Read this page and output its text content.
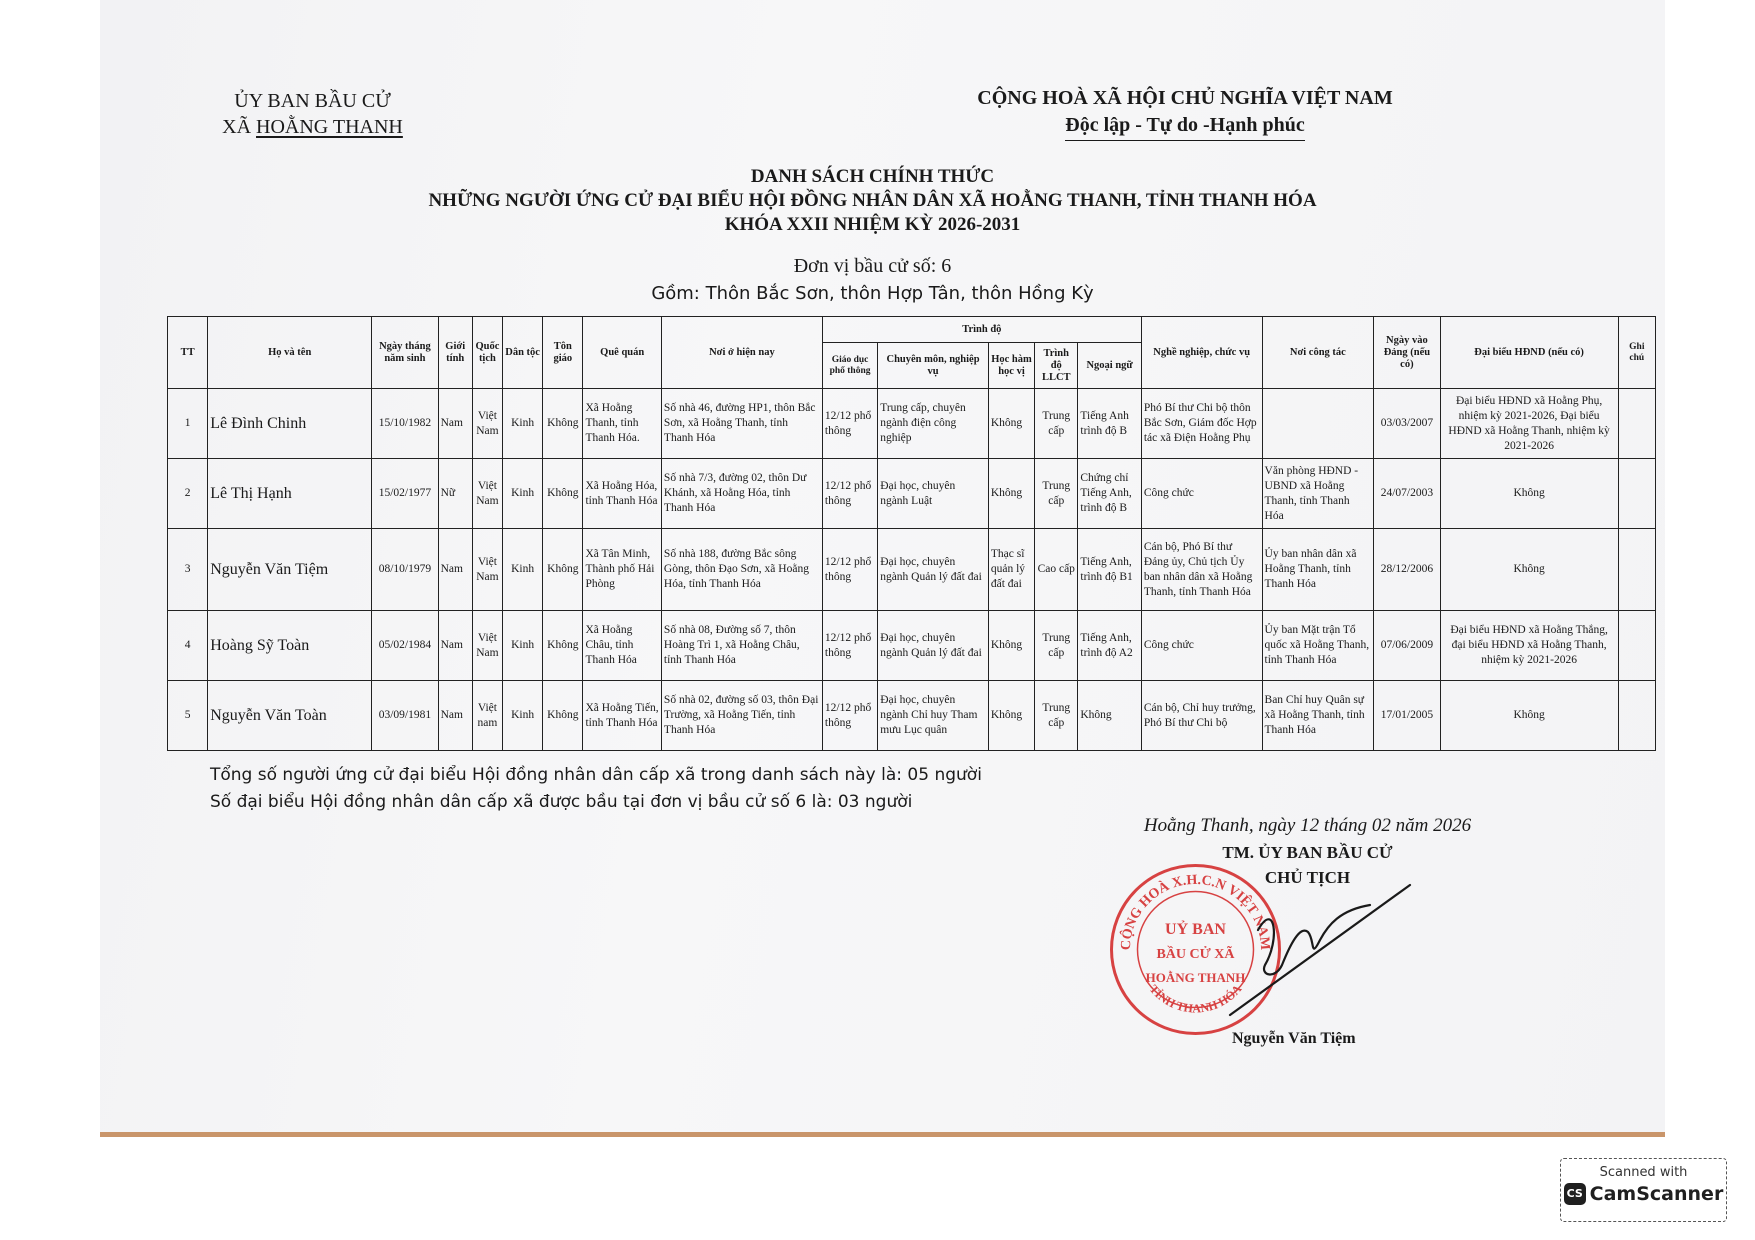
ỦY BAN BẦU CỬ
XÃ HOẰNG THANH
CỘNG HOÀ XÃ HỘI CHỦ NGHĨA VIỆT NAM
Độc lập - Tự do -Hạnh phúc
DANH SÁCH CHÍNH THỨC
NHỮNG NGƯỜI ỨNG CỬ ĐẠI BIỂU HỘI ĐỒNG NHÂN DÂN XÃ HOẰNG THANH, TỈNH THANH HÓA
KHÓA XXII NHIỆM KỲ 2026-2031
Đơn vị bầu cử số: 6
Gồm: Thôn Bắc Sơn, thôn Hợp Tân, thôn Hồng Kỳ
TT	Họ và tên	Ngày tháng năm sinh	Giới tính	Quốc tịch	Dân tộc	Tôn giáo	Quê quán	Nơi ở hiện nay	Trình độ					Nghề nghiệp, chức vụ	Nơi công tác	Ngày vào Đảng (nếu có)	Đại biểu HĐND (nếu có)	Ghi chú
									Giáo dục phổ thông	Chuyên môn, nghiệp vụ	Học hàm học vị	Trình độ LLCT	Ngoại ngữ					
1	Lê Đình Chinh	15/10/1982	Nam	Việt Nam	Kinh	Không	Xã Hoằng Thanh, tỉnh Thanh Hóa.	Số nhà 46, đường HP1, thôn Bắc Sơn, xã Hoằng Thanh, tỉnh Thanh Hóa	12/12 phổ thông	Trung cấp, chuyên ngành điện công nghiệp	Không	Trung cấp	Tiếng Anh trình độ B	Phó Bí thư Chi bộ thôn Bắc Sơn, Giám đốc Hợp tác xã Điện Hoằng Phụ		03/03/2007	Đại biểu HĐND xã Hoằng Phụ, nhiệm kỳ 2021-2026, Đại biểu HĐND xã Hoằng Thanh, nhiệm kỳ 2021-2026	
2	Lê Thị Hạnh	15/02/1977	Nữ	Việt Nam	Kinh	Không	Xã Hoằng Hóa, tỉnh Thanh Hóa	Số nhà 7/3, đường 02, thôn Dư Khánh, xã Hoằng Hóa, tỉnh Thanh Hóa	12/12 phổ thông	Đại học, chuyên ngành Luật	Không	Trung cấp	Chứng chỉ Tiếng Anh, trình độ B	Công chức	Văn phòng HĐND - UBND xã Hoằng Thanh, tỉnh Thanh Hóa	24/07/2003	Không	
3	Nguyễn Văn Tiệm	08/10/1979	Nam	Việt Nam	Kinh	Không	Xã Tân Minh, Thành phố Hải Phòng	Số nhà 188, đường Bắc sông Gòng, thôn Đạo Sơn, xã Hoằng Hóa, tỉnh Thanh Hóa	12/12 phổ thông	Đại học, chuyên ngành Quản lý đất đai	Thạc sĩ quản lý đất đai	Cao cấp	Tiếng Anh, trình độ B1	Cán bộ, Phó Bí thư Đảng ủy, Chủ tịch Ủy ban nhân dân xã Hoằng Thanh, tỉnh Thanh Hóa	Ủy ban nhân dân xã Hoằng Thanh, tỉnh Thanh Hóa	28/12/2006	Không	
4	Hoàng Sỹ Toàn	05/02/1984	Nam	Việt Nam	Kinh	Không	Xã Hoằng Châu, tỉnh Thanh Hóa	Số nhà 08, Đường số 7, thôn Hoàng Trì 1, xã Hoằng Châu, tỉnh Thanh Hóa	12/12 phổ thông	Đại học, chuyên ngành Quản lý đất đai	Không	Trung cấp	Tiếng Anh, trình độ A2	Công chức	Ủy ban Mặt trận Tổ quốc xã Hoằng Thanh, tỉnh Thanh Hóa	07/06/2009	Đại biểu HĐND xã Hoằng Thắng, đại biểu HĐND xã Hoằng Thanh, nhiệm kỳ 2021-2026	
5	Nguyễn Văn Toàn	03/09/1981	Nam	Việt nam	Kinh	Không	Xã Hoằng Tiến, tỉnh Thanh Hóa	Số nhà 02, đường số 03, thôn Đại Trường, xã Hoằng Tiến, tỉnh Thanh Hóa	12/12 phổ thông	Đại học, chuyên ngành Chỉ huy Tham mưu Lục quân	Không	Trung cấp	Không	Cán bộ, Chỉ huy trưởng, Phó Bí thư Chi bộ	Ban Chỉ huy Quân sự xã Hoằng Thanh, tỉnh Thanh Hóa	17/01/2005	Không	
Tổng số người ứng cử đại biểu Hội đồng nhân dân cấp xã trong danh sách này là: 05 người
Số đại biểu Hội đồng nhân dân cấp xã được bầu tại đơn vị bầu cử số 6 là: 03 người
Hoằng Thanh, ngày 12 tháng 02 năm 2026
TM. ỦY BAN BẦU CỬ
CHỦ TỊCH
CỘNG HOÀ X.H.C.N VIỆT NAM
TỈNH THANH HÓA
UỶ BAN
BẦU CỬ XÃ
HOẰNG THANH
Nguyễn Văn Tiệm
Scanned with
CS CamScanner
